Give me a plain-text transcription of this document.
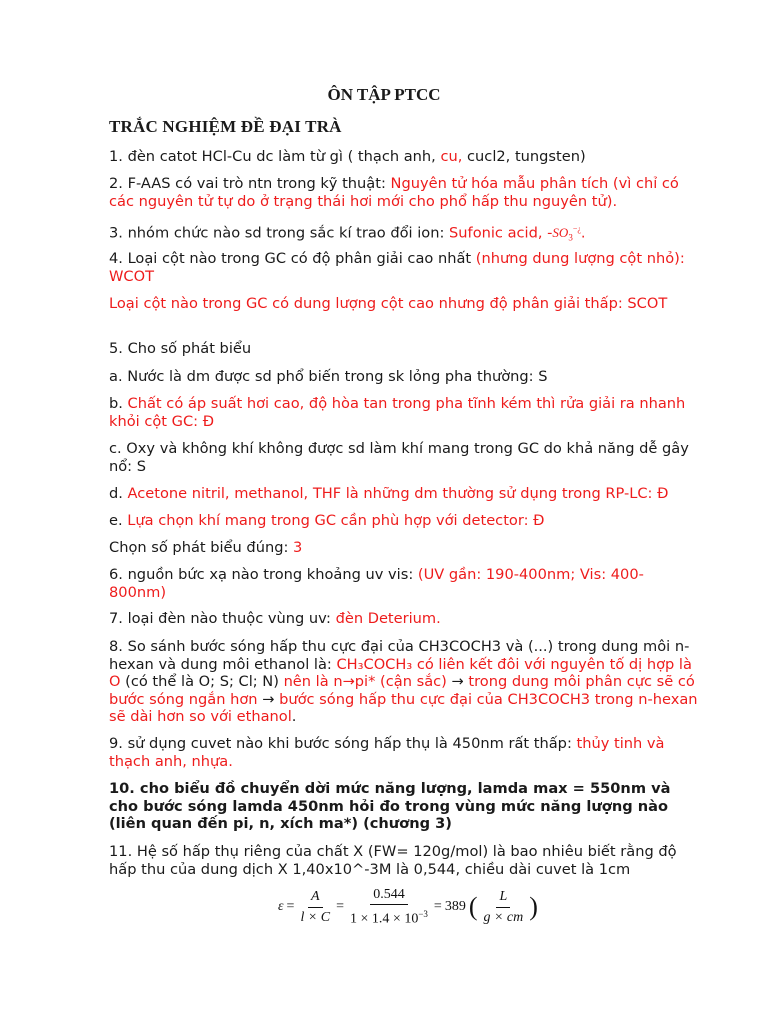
ÔN TẬP PTCC

TRẮC NGHIỆM ĐỀ ĐẠI TRÀ

1. đèn catot HCl-Cu dc làm từ gì ( thạch anh, cu, cucl2, tungsten)

2. F-AAS có vai trò ntn trong kỹ thuật: Nguyên tử hóa mẫu phân tích (vì chỉ có các nguyên tử tự do ở trạng thái hơi mới cho phổ hấp thu nguyên tử).

3. nhóm chức nào sd trong sắc kí trao đổi ion: Sufonic acid, $-SO_3^{-¿}$.

4. Loại cột nào trong GC có độ phân giải cao nhất (nhưng dung lượng cột nhỏ): WCOT

Loại cột nào trong GC có dung lượng cột cao nhưng độ phân giải thấp: SCOT

5. Cho số phát biểu

a. Nước là dm được sd phổ biến trong sk lỏng pha thường: S

b. Chất có áp suất hơi cao, độ hòa tan trong pha tĩnh kém thì rửa giải ra nhanh khỏi cột GC: Đ

c. Oxy và không khí không được sd làm khí mang trong GC do khả năng dễ gây nổ: S

d. Acetone nitril, methanol, THF là những dm thường sử dụng trong RP-LC: Đ

e. Lựa chọn khí mang trong GC cần phù hợp với detector: Đ

Chọn số phát biểu đúng: 3

6. nguồn bức xạ nào trong khoảng uv vis: (UV gần: 190-400nm; Vis: 400-800nm)

7. loại đèn nào thuộc vùng uv: đèn Deterium.

8. So sánh bước sóng hấp thu cực đại của CH3COCH3 và (...) trong dung môi n-hexan và dung môi ethanol là: CH₃COCH₃ có liên kết đôi với nguyên tố dị hợp là O (có thể là O; S; Cl; N) nên là n→pi* (cận sắc) → trong dung môi phân cực sẽ có bước sóng ngắn hơn → bước sóng hấp thu cực đại của CH3COCH3 trong n-hexan sẽ dài hơn so với ethanol.

9. sử dụng cuvet nào khi bước sóng hấp thụ là 450nm rất thấp: thủy tinh và thạch anh, nhựa.

10. cho biểu đồ chuyển dời mức năng lượng, lamda max = 550nm và cho bước sóng lamda 450nm hỏi đo trong vùng mức năng lượng nào (liên quan đến pi, n, xích ma*) (chương 3)

11. Hệ số hấp thụ riêng của chất X (FW= 120g/mol) là bao nhiêu biết rằng độ hấp thu của dung dịch X 1,40x10^-3M là 0,544, chiều dài cuvet là 1cm

$\varepsilon = \frac{A}{l \times C} = \frac{0.544}{1 \times 1.4 \times 10^{-3}} = 389$ ( $\frac{L}{g \times cm}$ )
